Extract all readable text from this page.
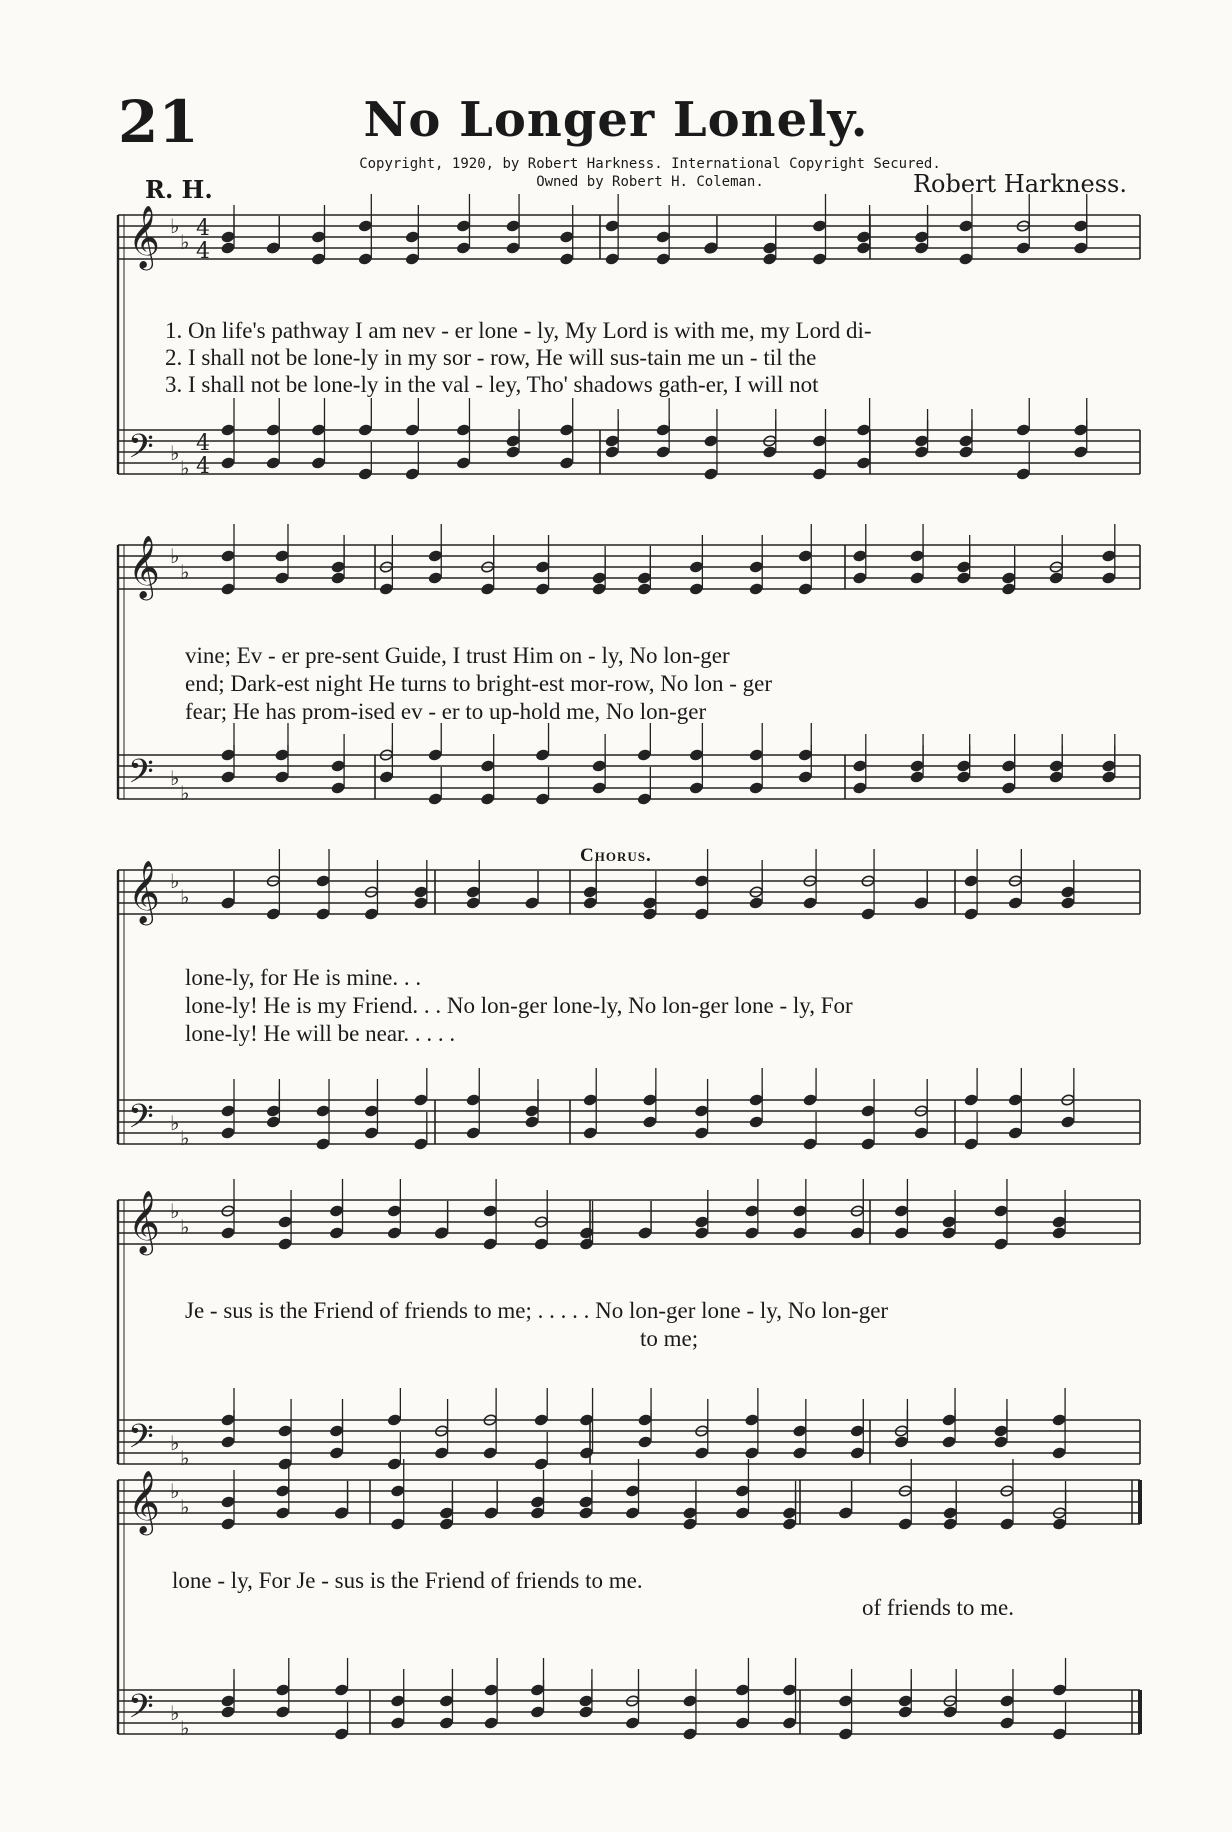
21	No Longer Lonely.
Copyright, 1920, by Robert Harkness. International Copyright Secured.
Owned by Robert H. Coleman.
R. H.	Robert Harkness.
𝄞
𝄢
♭
♭
♭
♭
4
4
4
4
𝄞
𝄢
♭
♭
♭
♭
𝄞
𝄢
♭
♭
♭
♭
𝄞
𝄢
♭
♭
♭
♭
𝄞
𝄢
♭
♭
♭
♭
1. On life's pathway I am nev - er lone - ly, My Lord is with me, my Lord di-
2. I shall not be lone-ly in my sor - row, He will sus-tain me un - til the
3. I shall not be lone-ly in the val - ley, Tho' shadows gath-er, I will not
vine; Ev - er pre-sent Guide, I trust Him on - ly, No lon-ger
end; Dark-est night He turns to bright-est mor-row, No lon - ger
fear; He has prom-ised ev - er to up-hold me, No lon-ger
Chorus.
lone-ly, for He is mine. . .
lone-ly! He is my Friend. . . No lon-ger lone-ly, No lon-ger lone - ly, For
lone-ly! He will be near. . . . .
Je - sus is the Friend of friends to me; . . . . . No lon-ger lone - ly, No lon-ger
to me;
lone - ly, For Je - sus is the Friend of friends to me.
of friends to me.
